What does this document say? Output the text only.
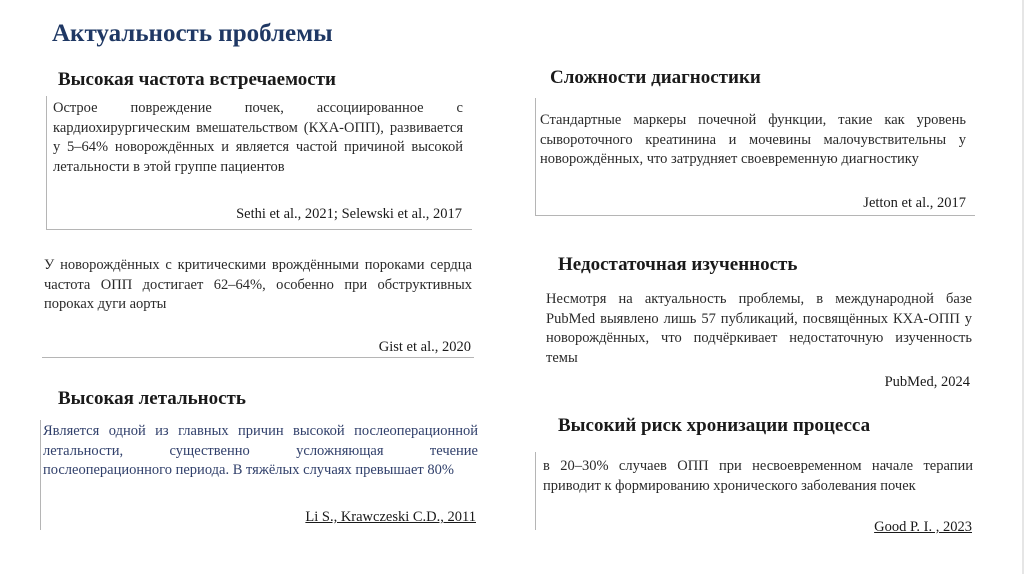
Актуальность проблемы
Высокая частота встречаемости

Острое повреждение почек, ассоциированное с кардиохирургическим вмешательством (КХА-ОПП), развивается у 5–64% новорождённых и является частой причиной высокой летальности в этой группе пациентов

Sethi et al., 2021; Selewski et al., 2017

У новорождённых с критическими врождёнными пороками сердца частота ОПП достигает 62–64%, особенно при обструктивных пороках дуги аорты

Gist et al., 2020

Высокая летальность

Является одной из главных причин высокой послеоперационной летальности, существенно усложняющая течение послеоперационного периода. В тяжёлых случаях превышает 80%

Li S., Krawczeski C.D., 2011

Сложности диагностики

Стандартные маркеры почечной функции, такие как уровень сывороточного креатинина и мочевины малочувствительны у новорождённых, что затрудняет своевременную диагностику

Jetton et al., 2017

Недостаточная изученность

Несмотря на актуальность проблемы, в международной базе PubMed выявлено лишь 57 публикаций, посвящённых КХА-ОПП у новорождённых, что подчёркивает недостаточную изученность темы

PubMed, 2024

Высокий риск хронизации процесса

в 20–30% случаев ОПП при несвоевременном начале терапии приводит к формированию хронического заболевания почек

Good P. I. , 2023
